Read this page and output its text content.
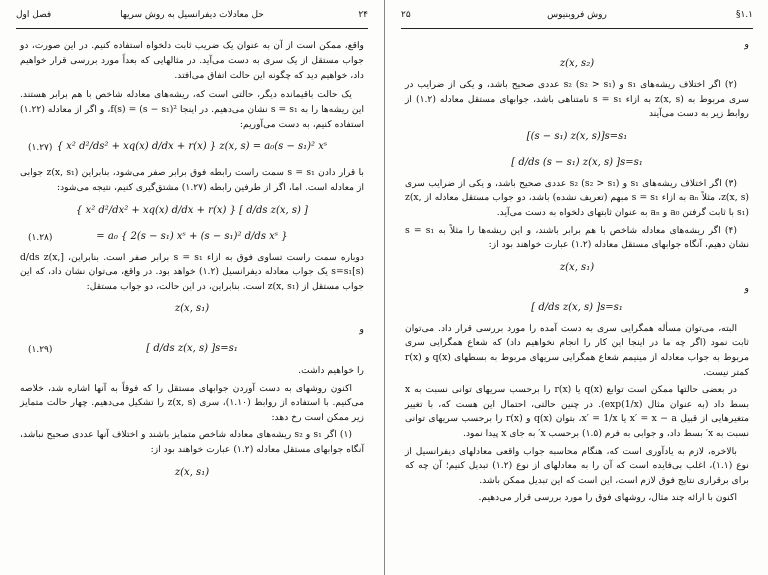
۲۴
حل معادلات دیفرانسیل به روش سریها
فصل اول

واقع، ممکن است از آن به عنوان یک ضریب ثابت دلخواه استفاده کنیم. در این صورت، دو جواب مستقل از یک سری به دست می‌آید. در مثالهایی که بعداً مورد بررسی قرار خواهیم داد، خواهیم دید که چگونه این حالت اتفاق می‌افتد.

یک حالت باقیمانده دیگر، حالتی است که، ریشه‌های معادله شاخص با هم برابر هستند. این ریشه‌ها را به s = s₁ نشان می‌دهیم. در اینجا f(s) = (s − s₁)²، و اگر از معادله (۱.۲۲) استفاده کنیم، به دست می‌آوریم:

{ x² d²/ds² + xq(x) d/dx + r(x) } z(x, s) = a₀(s − s₁)² xˢ
(۱.۲۷)

با قرار دادن s = s₁ سمت راست رابطه فوق برابر صفر می‌شود، بنابراین z(x, s₁) جوابی از معادله است. اما، اگر از طرفین رابطه (۱.۲۷) مشتق‌گیری کنیم، نتیجه می‌شود:

{ x² d²/dx² + xq(x) d/dx + r(x) } [ d/ds z(x, s) ]
= a₀ { 2(s − s₁) xˢ + (s − s₁)² d/ds xˢ }
(۱.۲۸)

دوباره سمت راست تساوی فوق به ازاء s = s₁ برابر صفر است. بنابراین، [d/ds z(x, s)]s=s₁ یک جواب معادله دیفرانسیل (۱.۲) خواهد بود. در واقع، می‌توان نشان داد، که این جواب مستقل از z(x, s₁) است. بنابراین، در این حالت، دو جواب مستقل:

z(x, s₁)
و
[ d/ds z(x, s) ]s=s₁
(۱.۲۹)

را خواهیم داشت.

اکنون روشهای به دست آوردن جوابهای مستقل را که فوقاً به آنها اشاره شد، خلاصه می‌کنیم. با استفاده از روابط (۱.۱۰)، سری z(x, s) را تشکیل می‌دهیم. چهار حالت متمایز زیر ممکن است رخ دهد:

(۱) اگر s₁ و s₂ ریشه‌های معادله شاخص متمایز باشند و اختلاف آنها عددی صحیح نباشد، آنگاه جوابهای مستقل معادله (۱.۲) عبارت خواهند بود از:

z(x, s₁)
§۱.۱
روش فروبنیوس
۲۵
و
z(x, s₂)

(۲) اگر اختلاف ریشه‌های s₁ و s₂ (s₂ > s₁) عددی صحیح باشد، و یکی از ضرایب در سری مربوط به z(x, s) به ازاء s = s₁ نامتناهی باشد، جوابهای مستقل معادله (۱.۲) از روابط زیر به دست می‌آیند

[(s − s₁) z(x, s)]s=s₁
[ d/ds (s − s₁) z(x, s) ]s=s₁

(۳) اگر اختلاف ریشه‌های s₁ و s₂ (s₂ > s₁) عددی صحیح باشد، و یکی از ضرایب سری z(x, s)، مثلاً aₙ به ازاء s = s₁ مبهم (تعریف نشده) باشد، دو جواب مستقل معادله از z(x, s₁) با ثابت گرفتن a₀ و aₙ به عنوان ثابتهای دلخواه به دست می‌آید.

(۴) اگر ریشه‌های معادله شاخص با هم برابر باشند، و این ریشه‌ها را مثلاً به s = s₁ نشان دهیم، آنگاه جوابهای مستقل معادله (۱.۲) عبارت خواهند بود از:

z(x, s₁)
و
[ d/ds z(x, s) ]s=s₁

البته، می‌توان مسأله همگرایی سری به دست آمده را مورد بررسی قرار داد. می‌توان ثابت نمود (اگر چه ما در اینجا این کار را انجام نخواهیم داد) که شعاع همگرایی سری مربوط به جواب معادله از مینیمم شعاع همگرایی سریهای مربوط به بسطهای q(x) و r(x) کمتر نیست.

در بعضی حالتها ممکن است توابع q(x) یا r(x) را برحسب سریهای توانی نسبت به x بسط داد (به عنوان مثال exp(1/x)). در چنین حالتی، احتمال این هست که، با تغییر متغیرهایی از قبیل x′ = x − a یا x′ = 1/x، بتوان q(x) و r(x) را برحسب سریهای توانی نسبت به x′ بسط داد، و جوابی به فرم (۱.۵) برحسب x′ به جای x پیدا نمود.

بالاخره، لازم به یادآوری است که، هنگام محاسبه جواب واقعی معادلهای دیفرانسیل از نوع (۱.۱)، اغلب بی‌فایده است که آن را به معادلهای از نوع (۱.۲) تبدیل کنیم؛ آن چه که برای برقراری نتایج فوق لازم است، این است که این تبدیل ممکن باشد.

اکنون با ارائه چند مثال، روشهای فوق را مورد بررسی قرار می‌دهیم.
